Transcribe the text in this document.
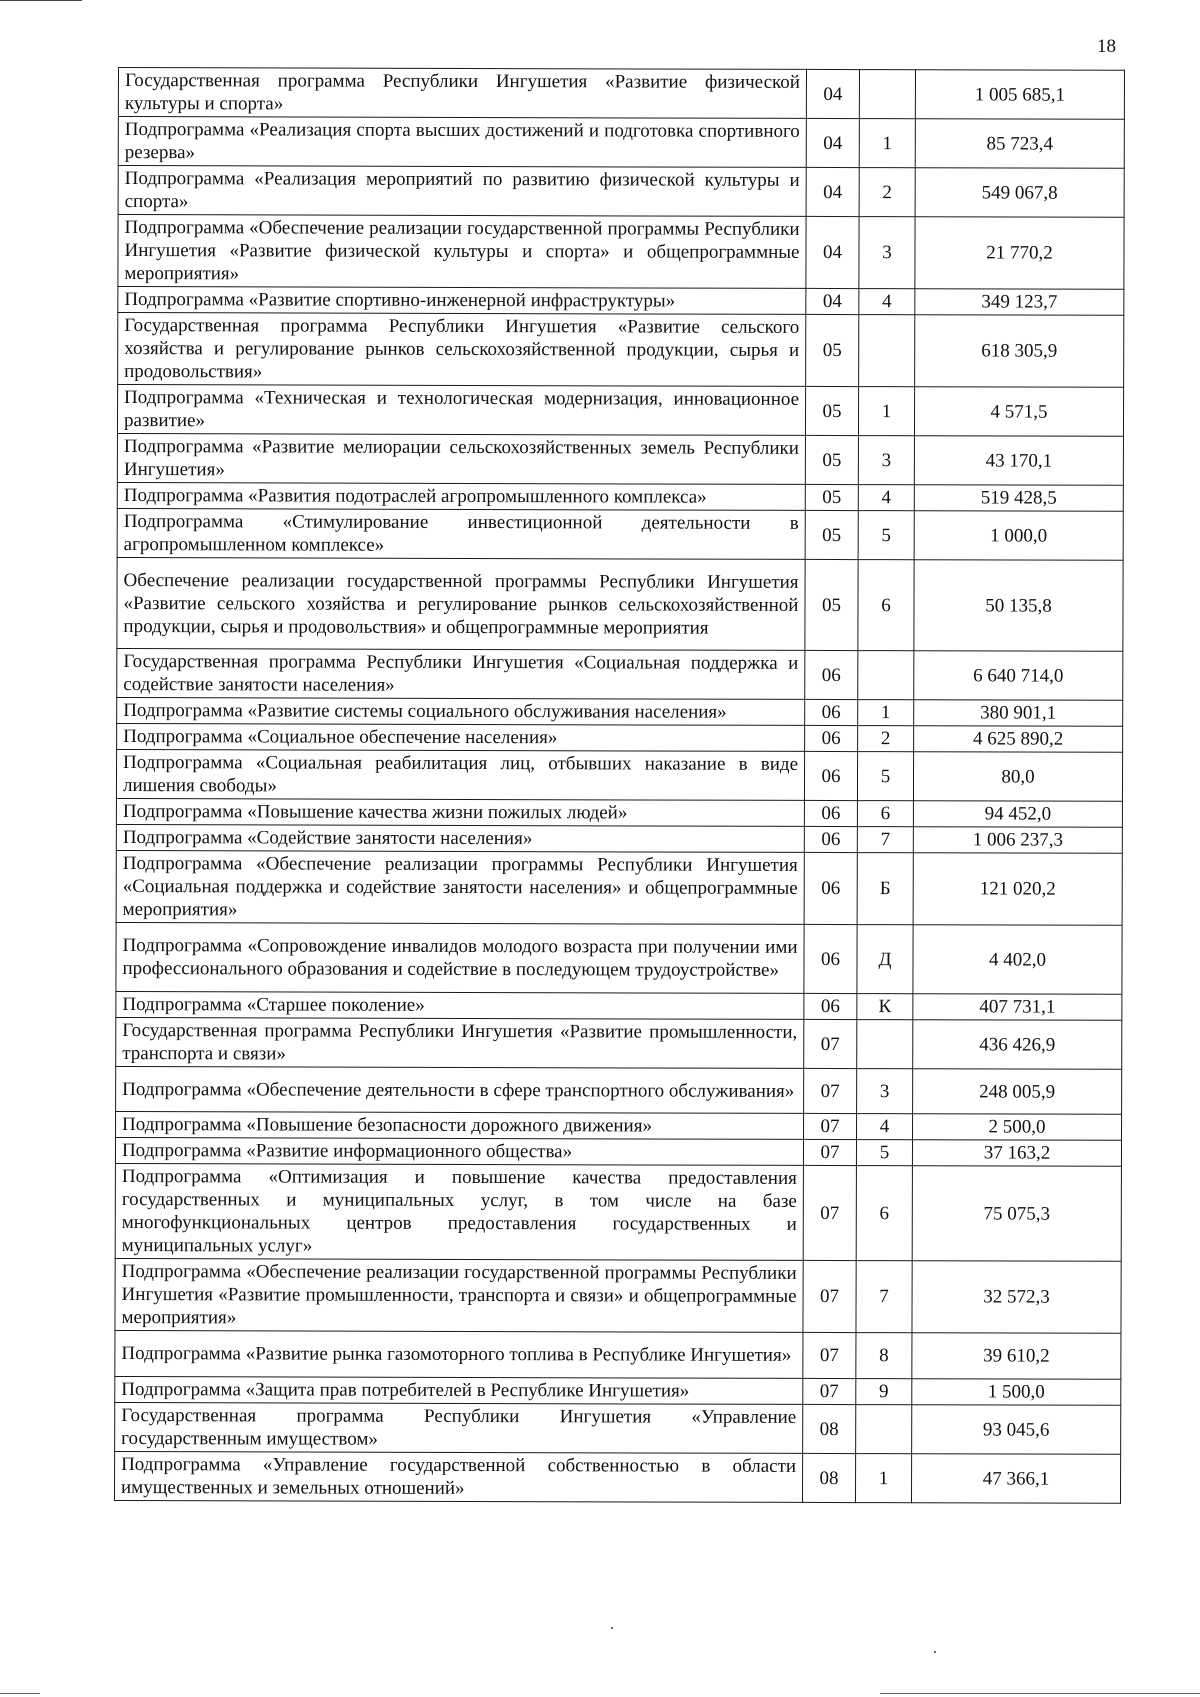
18
Государственная программа Республики Ингушетия «Развитие физической культуры и спорта»	04		1 005 685,1
Подпрограмма «Реализация спорта высших достижений и подготовка спортивного резерва»	04	1	85 723,4
Подпрограмма «Реализация мероприятий по развитию физической культуры и спорта»	04	2	549 067,8
Подпрограмма «Обеспечение реализации государственной программы Республики Ингушетия «Развитие физической культуры и спорта» и общепрограммные мероприятия»	04	3	21 770,2
Подпрограмма «Развитие спортивно-инженерной инфраструктуры»	04	4	349 123,7
Государственная программа Республики Ингушетия «Развитие сельского хозяйства и регулирование рынков сельскохозяйственной продукции, сырья и продовольствия»	05		618 305,9
Подпрограмма «Техническая и технологическая модернизация, инновационное развитие»	05	1	4 571,5
Подпрограмма «Развитие мелиорации сельскохозяйственных земель Республики Ингушетия»	05	3	43 170,1
Подпрограмма «Развития подотраслей агропромышленного комплекса»	05	4	519 428,5
Подпрограмма «Стимулирование инвестиционной деятельности в агропромышленном комплексе»	05	5	1 000,0
Обеспечение реализации государственной программы Республики Ингушетия «Развитие сельского хозяйства и регулирование рынков сельскохозяйственной продукции, сырья и продовольствия» и общепрограммные мероприятия	05	6	50 135,8
Государственная программа Республики Ингушетия «Социальная поддержка и содействие занятости населения»	06		6 640 714,0
Подпрограмма «Развитие системы социального обслуживания населения»	06	1	380 901,1
Подпрограмма «Социальное обеспечение населения»	06	2	4 625 890,2
Подпрограмма «Социальная реабилитация лиц, отбывших наказание в виде лишения свободы»	06	5	80,0
Подпрограмма «Повышение качества жизни пожилых людей»	06	6	94 452,0
Подпрограмма «Содействие занятости населения»	06	7	1 006 237,3
Подпрограмма «Обеспечение реализации программы Республики Ингушетия «Социальная поддержка и содействие занятости населения» и общепрограммные мероприятия»	06	Б	121 020,2
Подпрограмма «Сопровождение инвалидов молодого возраста при получении ими профессионального образования и содействие в последующем трудоустройстве»	06	Д	4 402,0
Подпрограмма «Старшее поколение»	06	К	407 731,1
Государственная программа Республики Ингушетия «Развитие промышленности, транспорта и связи»	07		436 426,9
Подпрограмма «Обеспечение деятельности в сфере транспортного обслуживания»	07	3	248 005,9
Подпрограмма «Повышение безопасности дорожного движения»	07	4	2 500,0
Подпрограмма «Развитие информационного общества»	07	5	37 163,2
Подпрограмма «Оптимизация и повышение качества предоставления государственных и муниципальных услуг, в том числе на базе многофункциональных центров предоставления государственных и муниципальных услуг»	07	6	75 075,3
Подпрограмма «Обеспечение реализации государственной программы Республики Ингушетия «Развитие промышленности, транспорта и связи» и общепрограммные мероприятия»	07	7	32 572,3
Подпрограмма «Развитие рынка газомоторного топлива в Республике Ингушетия»	07	8	39 610,2
Подпрограмма «Защита прав потребителей в Республике Ингушетия»	07	9	1 500,0
Государственная программа Республики Ингушетия «Управление государственным имуществом»	08		93 045,6
Подпрограмма «Управление государственной собственностью в области имущественных и земельных отношений»	08	1	47 366,1
